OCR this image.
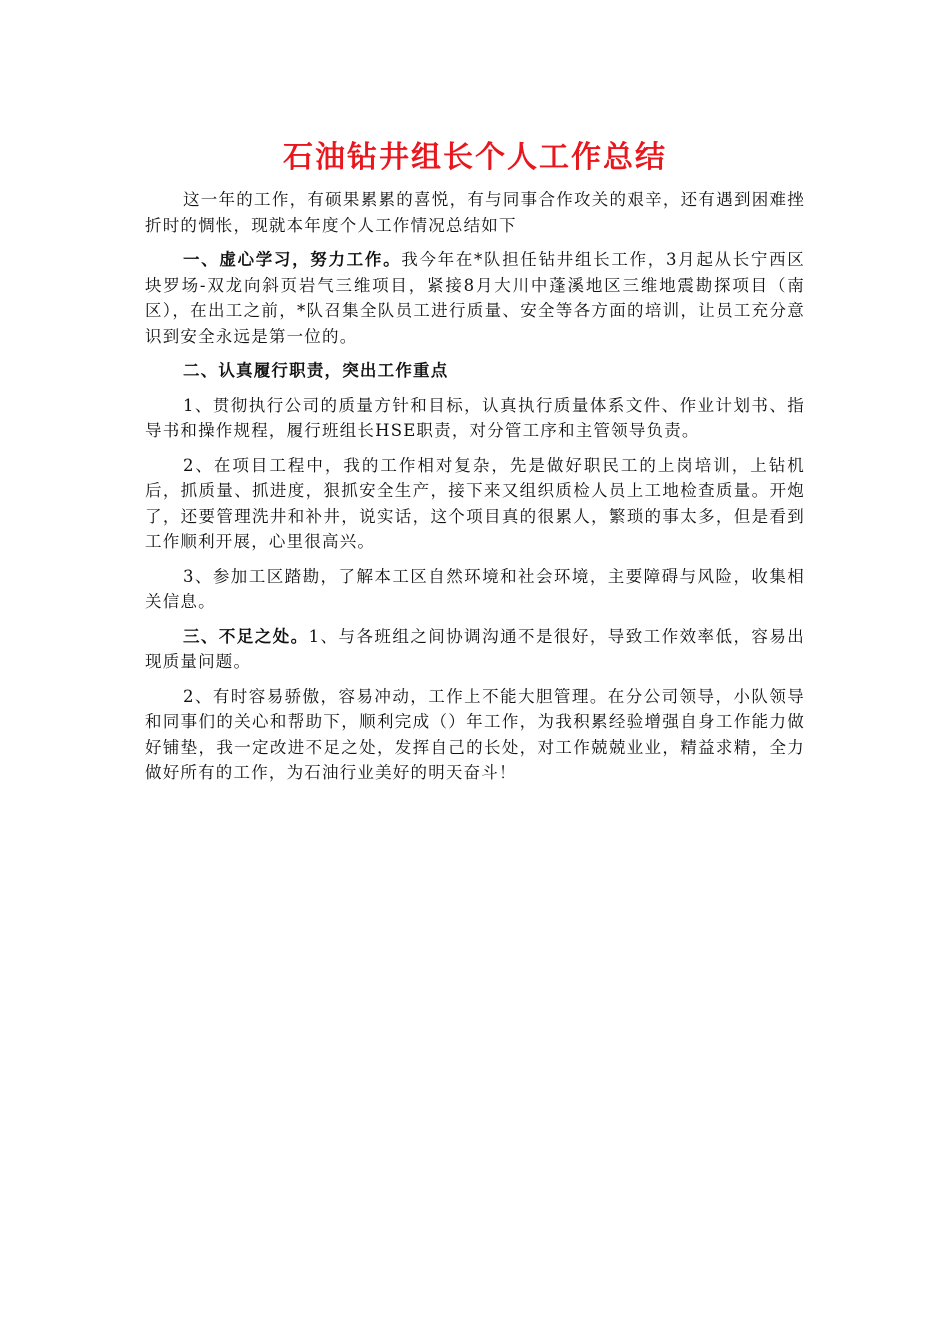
石油钻井组长个人工作总结

这一年的工作，有硕果累累的喜悦，有与同事合作攻关的艰辛，还有遇到困难挫折时的惆怅，现就本年度个人工作情况总结如下

一、虚心学习，努力工作。我今年在*队担任钻井组长工作，3月起从长宁西区块罗场-双龙向斜页岩气三维项目，紧接8月大川中蓬溪地区三维地震勘探项目（南区），在出工之前，*队召集全队员工进行质量、安全等各方面的培训，让员工充分意识到安全永远是第一位的。

二、认真履行职责，突出工作重点

1、贯彻执行公司的质量方针和目标，认真执行质量体系文件、作业计划书、指导书和操作规程，履行班组长HSE职责，对分管工序和主管领导负责。

2、在项目工程中，我的工作相对复杂，先是做好职民工的上岗培训，上钻机后，抓质量、抓进度，狠抓安全生产，接下来又组织质检人员上工地检查质量。开炮了，还要管理洗井和补井，说实话，这个项目真的很累人，繁琐的事太多，但是看到工作顺利开展，心里很高兴。

3、参加工区踏勘，了解本工区自然环境和社会环境，主要障碍与风险，收集相关信息。

三、不足之处。1、与各班组之间协调沟通不是很好，导致工作效率低，容易出现质量问题。

2、有时容易骄傲，容易冲动，工作上不能大胆管理。在分公司领导，小队领导和同事们的关心和帮助下，顺利完成（）年工作，为我积累经验增强自身工作能力做好铺垫，我一定改进不足之处，发挥自己的长处，对工作兢兢业业，精益求精，全力做好所有的工作，为石油行业美好的明天奋斗！
